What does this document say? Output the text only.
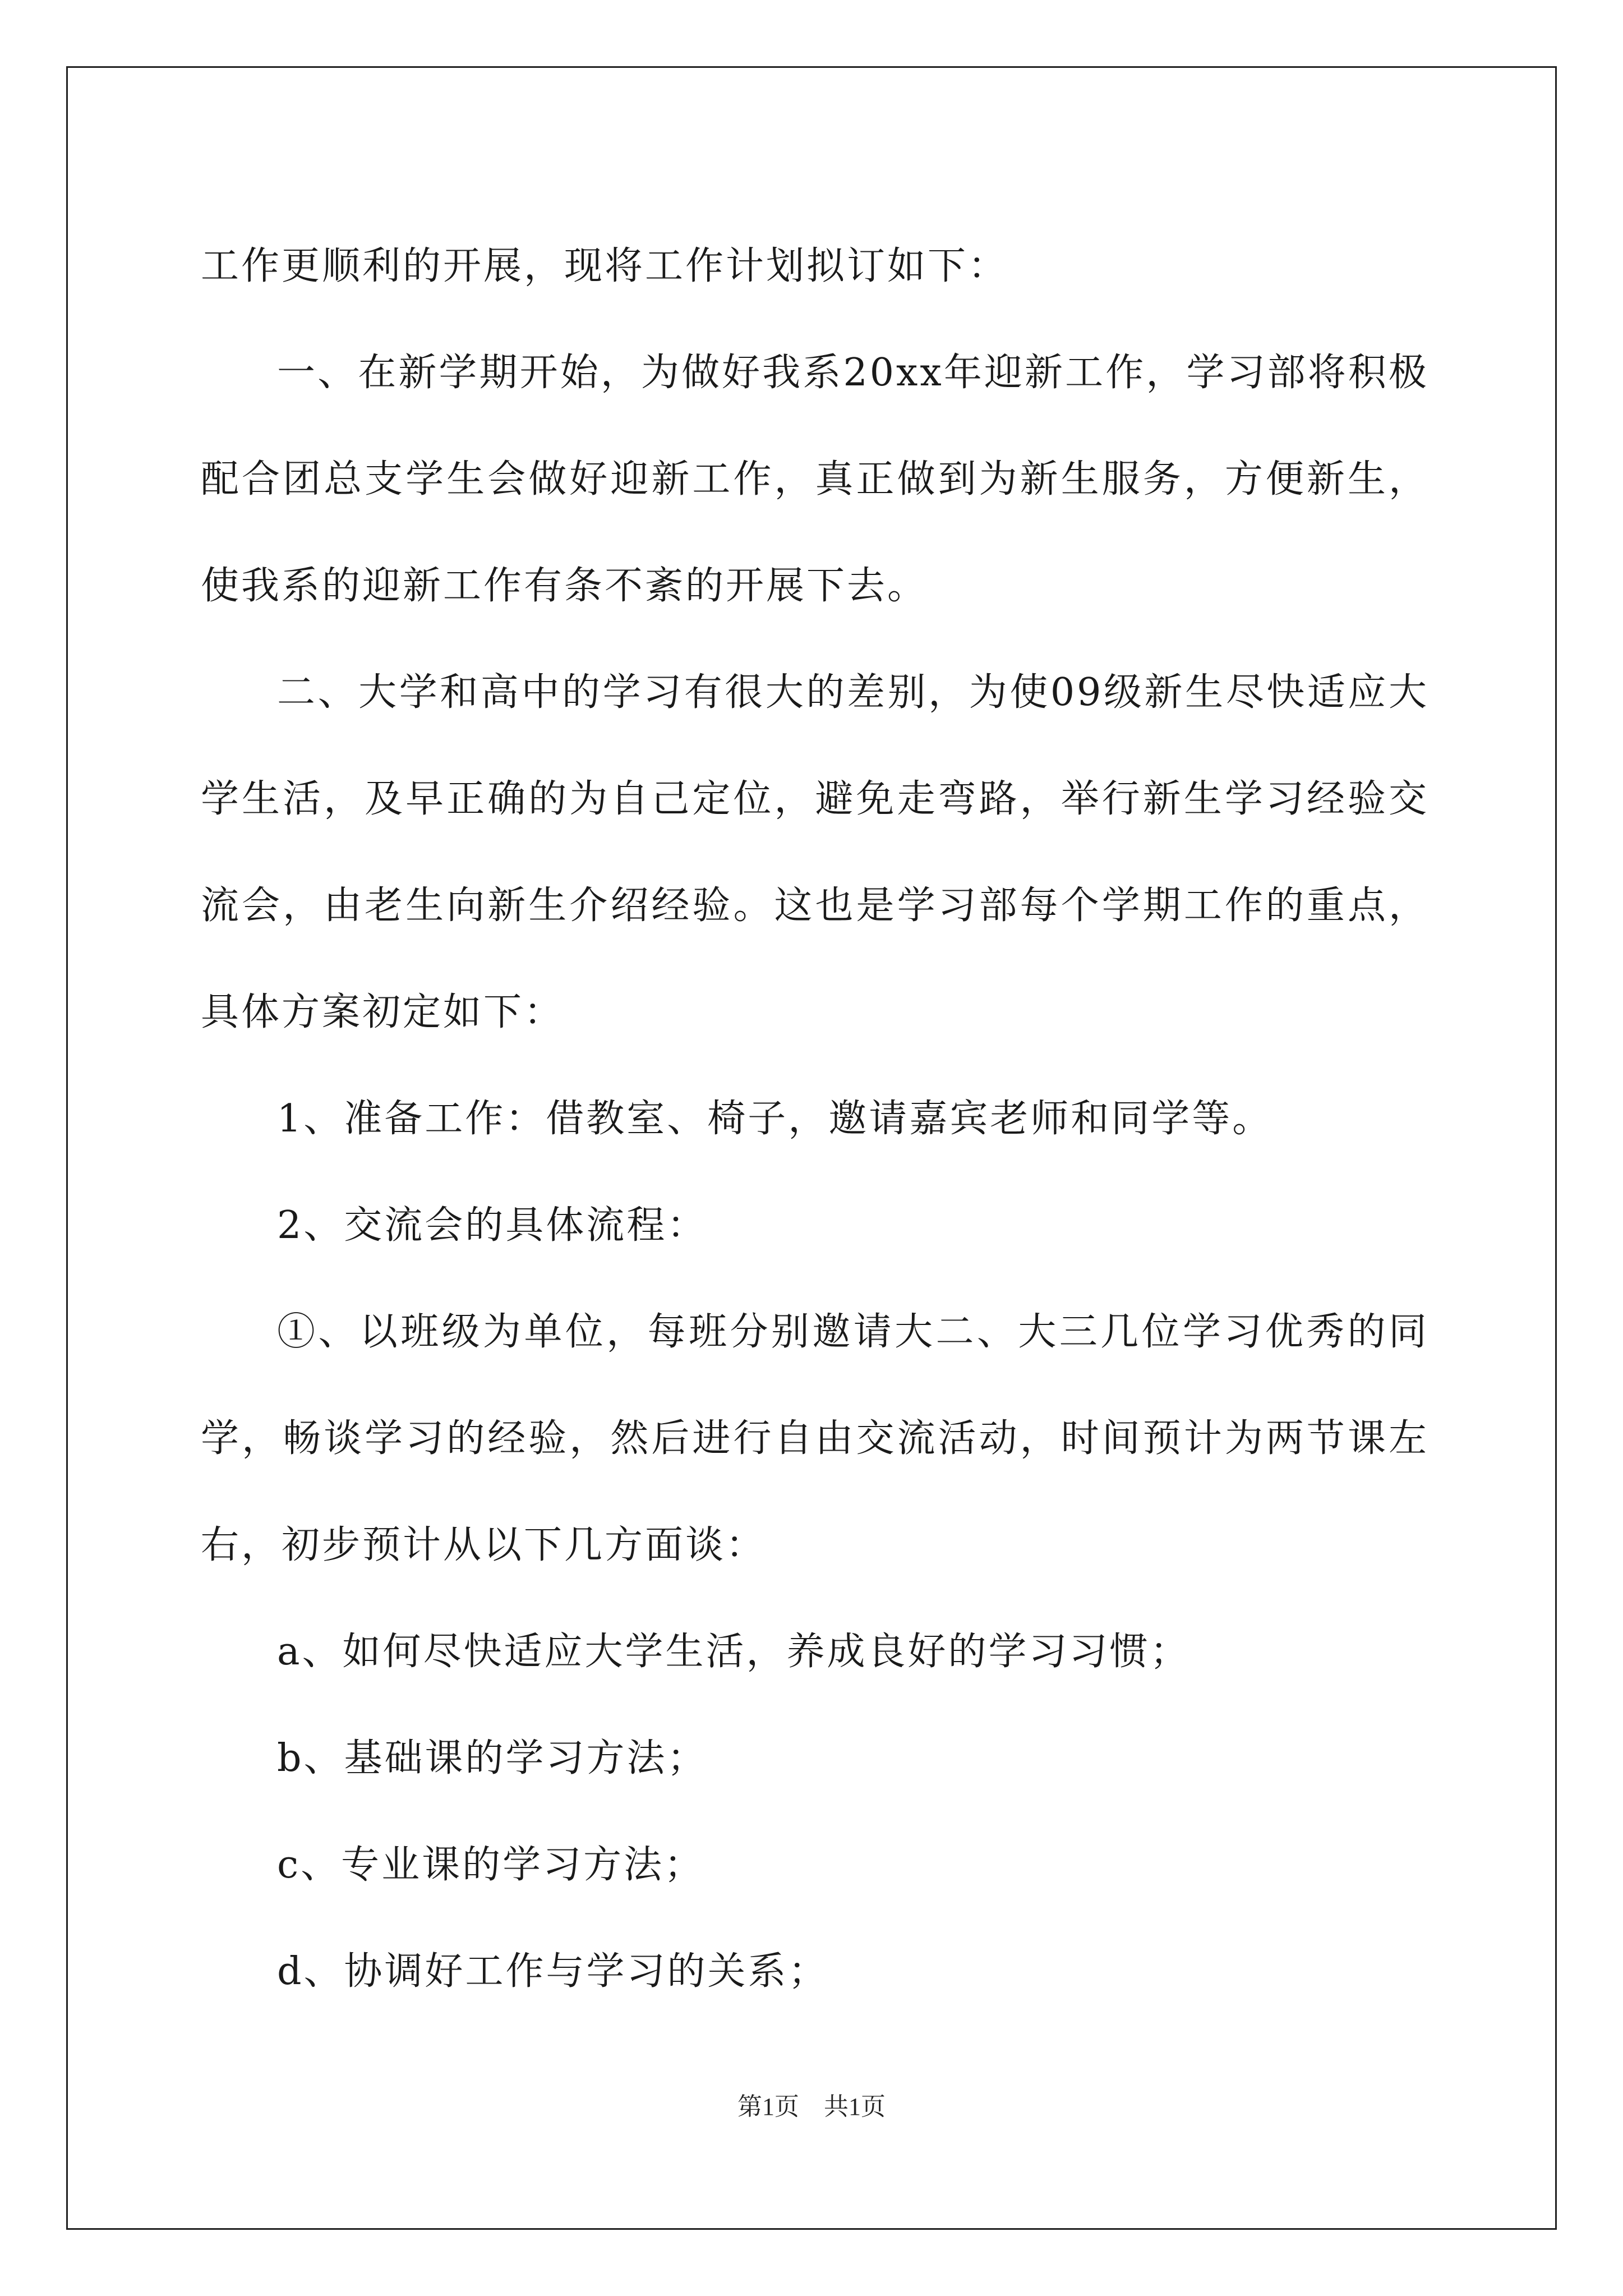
工作更顺利的开展，现将工作计划拟订如下：

一、在新学期开始，为做好我系20xx年迎新工作，学习部将积极配合团总支学生会做好迎新工作，真正做到为新生服务，方便新生，使我系的迎新工作有条不紊的开展下去。

二、大学和高中的学习有很大的差别，为使09级新生尽快适应大学生活，及早正确的为自己定位，避免走弯路，举行新生学习经验交流会，由老生向新生介绍经验。这也是学习部每个学期工作的重点，具体方案初定如下：

1、准备工作：借教室、椅子，邀请嘉宾老师和同学等。

2、交流会的具体流程：

①、以班级为单位，每班分别邀请大二、大三几位学习优秀的同学，畅谈学习的经验，然后进行自由交流活动，时间预计为两节课左右，初步预计从以下几方面谈：

a、如何尽快适应大学生活，养成良好的学习习惯；

b、基础课的学习方法；

c、专业课的学习方法；

d、协调好工作与学习的关系；

第1页 共1页
